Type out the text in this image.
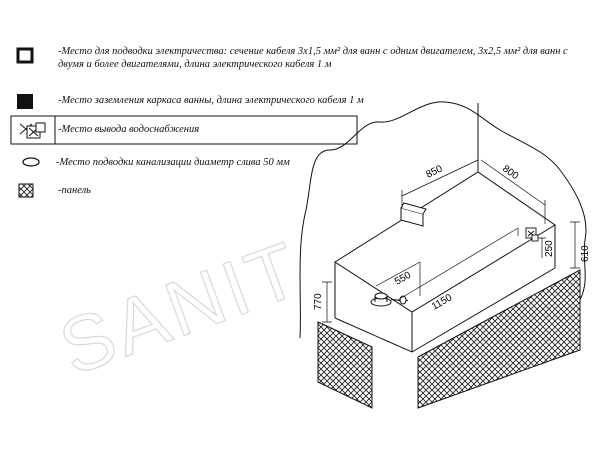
SANIT
850	800
550
1150
250	610
770
-Место для подводки электричества: сечение кабеля 3х1,5 мм² для ванн с одним двигателем, 3х2,5 мм² для ванн с двумя и более двигателями, длина электрического кабеля 1 м
-Место заземления каркаса ванны, длина электрического кабеля 1 м
-Место вывода водоснабжения
-Место подводки канализации диаметр слива 50 мм
-панель
